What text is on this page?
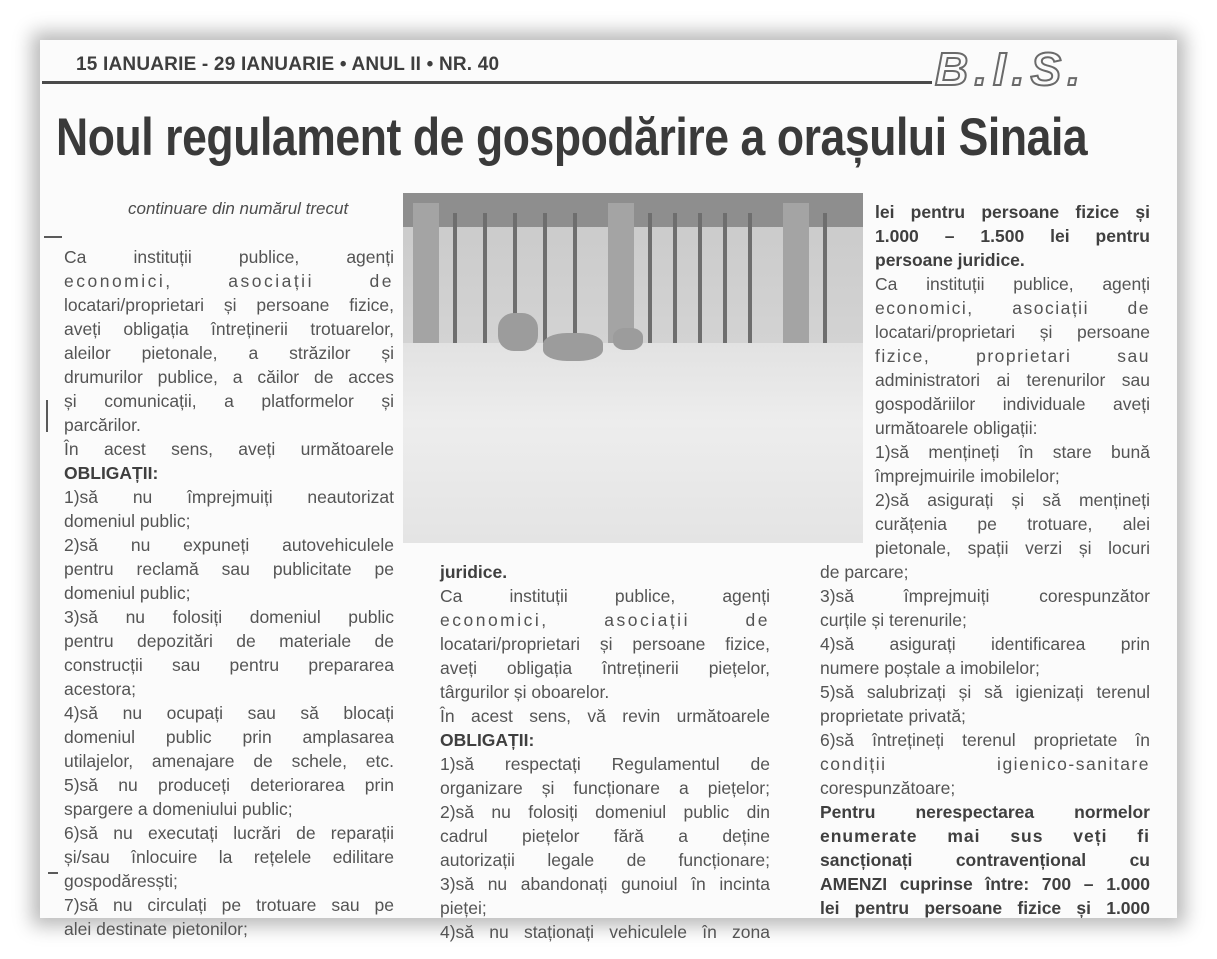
15 IANUARIE - 29 IANUARIE • ANUL II • NR. 40	B.I.S.
Noul regulament de gospodărire a orașului Sinaia
continuare din numărul trecut

Ca instituții publice, agenți

economici, asociații de

locatari/proprietari și persoane fizice,

aveți obligația întreținerii trotuarelor,

aleilor pietonale, a străzilor și

drumurilor publice, a căilor de acces

și comunicații, a platformelor și

parcărilor.

În acest sens, aveți următoarele

OBLIGAȚII:

1)să nu împrejmuiți neautorizat

domeniul public;

2)să nu expuneți autovehiculele

pentru reclamă sau publicitate pe

domeniul public;

3)să nu folosiți domeniul public

pentru depozitări de materiale de

construcții sau pentru prepararea

acestora;

4)să nu ocupați sau să blocați

domeniul public prin amplasarea

utilajelor, amenajare de schele, etc.

5)să nu produceți deteriorarea prin

spargere a domeniului public;

6)să nu executați lucrări de reparații

și/sau înlocuire la rețelele edilitare

gospodăresști;

7)să nu circulați pe trotuare sau pe

alei destinate pietonilor;

juridice.

Ca instituții publice, agenți

economici, asociații de

locatari/proprietari și persoane fizice,

aveți obligația întreținerii piețelor,

târgurilor și oboarelor.

În acest sens, vă revin următoarele

OBLIGAȚII:

1)să respectați Regulamentul de

organizare și funcționare a piețelor;

2)să nu folosiți domeniul public din

cadrul piețelor fără a deține

autorizații legale de funcționare;

3)să nu abandonați gunoiul în incinta

pieței;

4)să nu staționați vehiculele în zona

lei pentru persoane fizice și

1.000 – 1.500 lei pentru

persoane juridice.

Ca instituții publice, agenți

economici, asociații de

locatari/proprietari și persoane

fizice, proprietari sau

administratori ai terenurilor sau

gospodăriilor individuale aveți

următoarele obligații:

1)să mențineți în stare bună

împrejmuirile imobilelor;

2)să asigurați și să mențineți

curățenia pe trotuare, alei

pietonale, spații verzi și locuri

de parcare;

3)să împrejmuiți corespunzător

curțile și terenurile;

4)să asigurați identificarea prin

numere poștale a imobilelor;

5)să salubrizați și să igienizați terenul

proprietate privată;

6)să întrețineți terenul proprietate în

condiții igienico-sanitare

corespunzătoare;

Pentru nerespectarea normelor

enumerate mai sus veți fi

sancționați contravențional cu

AMENZI cuprinse între: 700 – 1.000

lei pentru persoane fizice și 1.000
